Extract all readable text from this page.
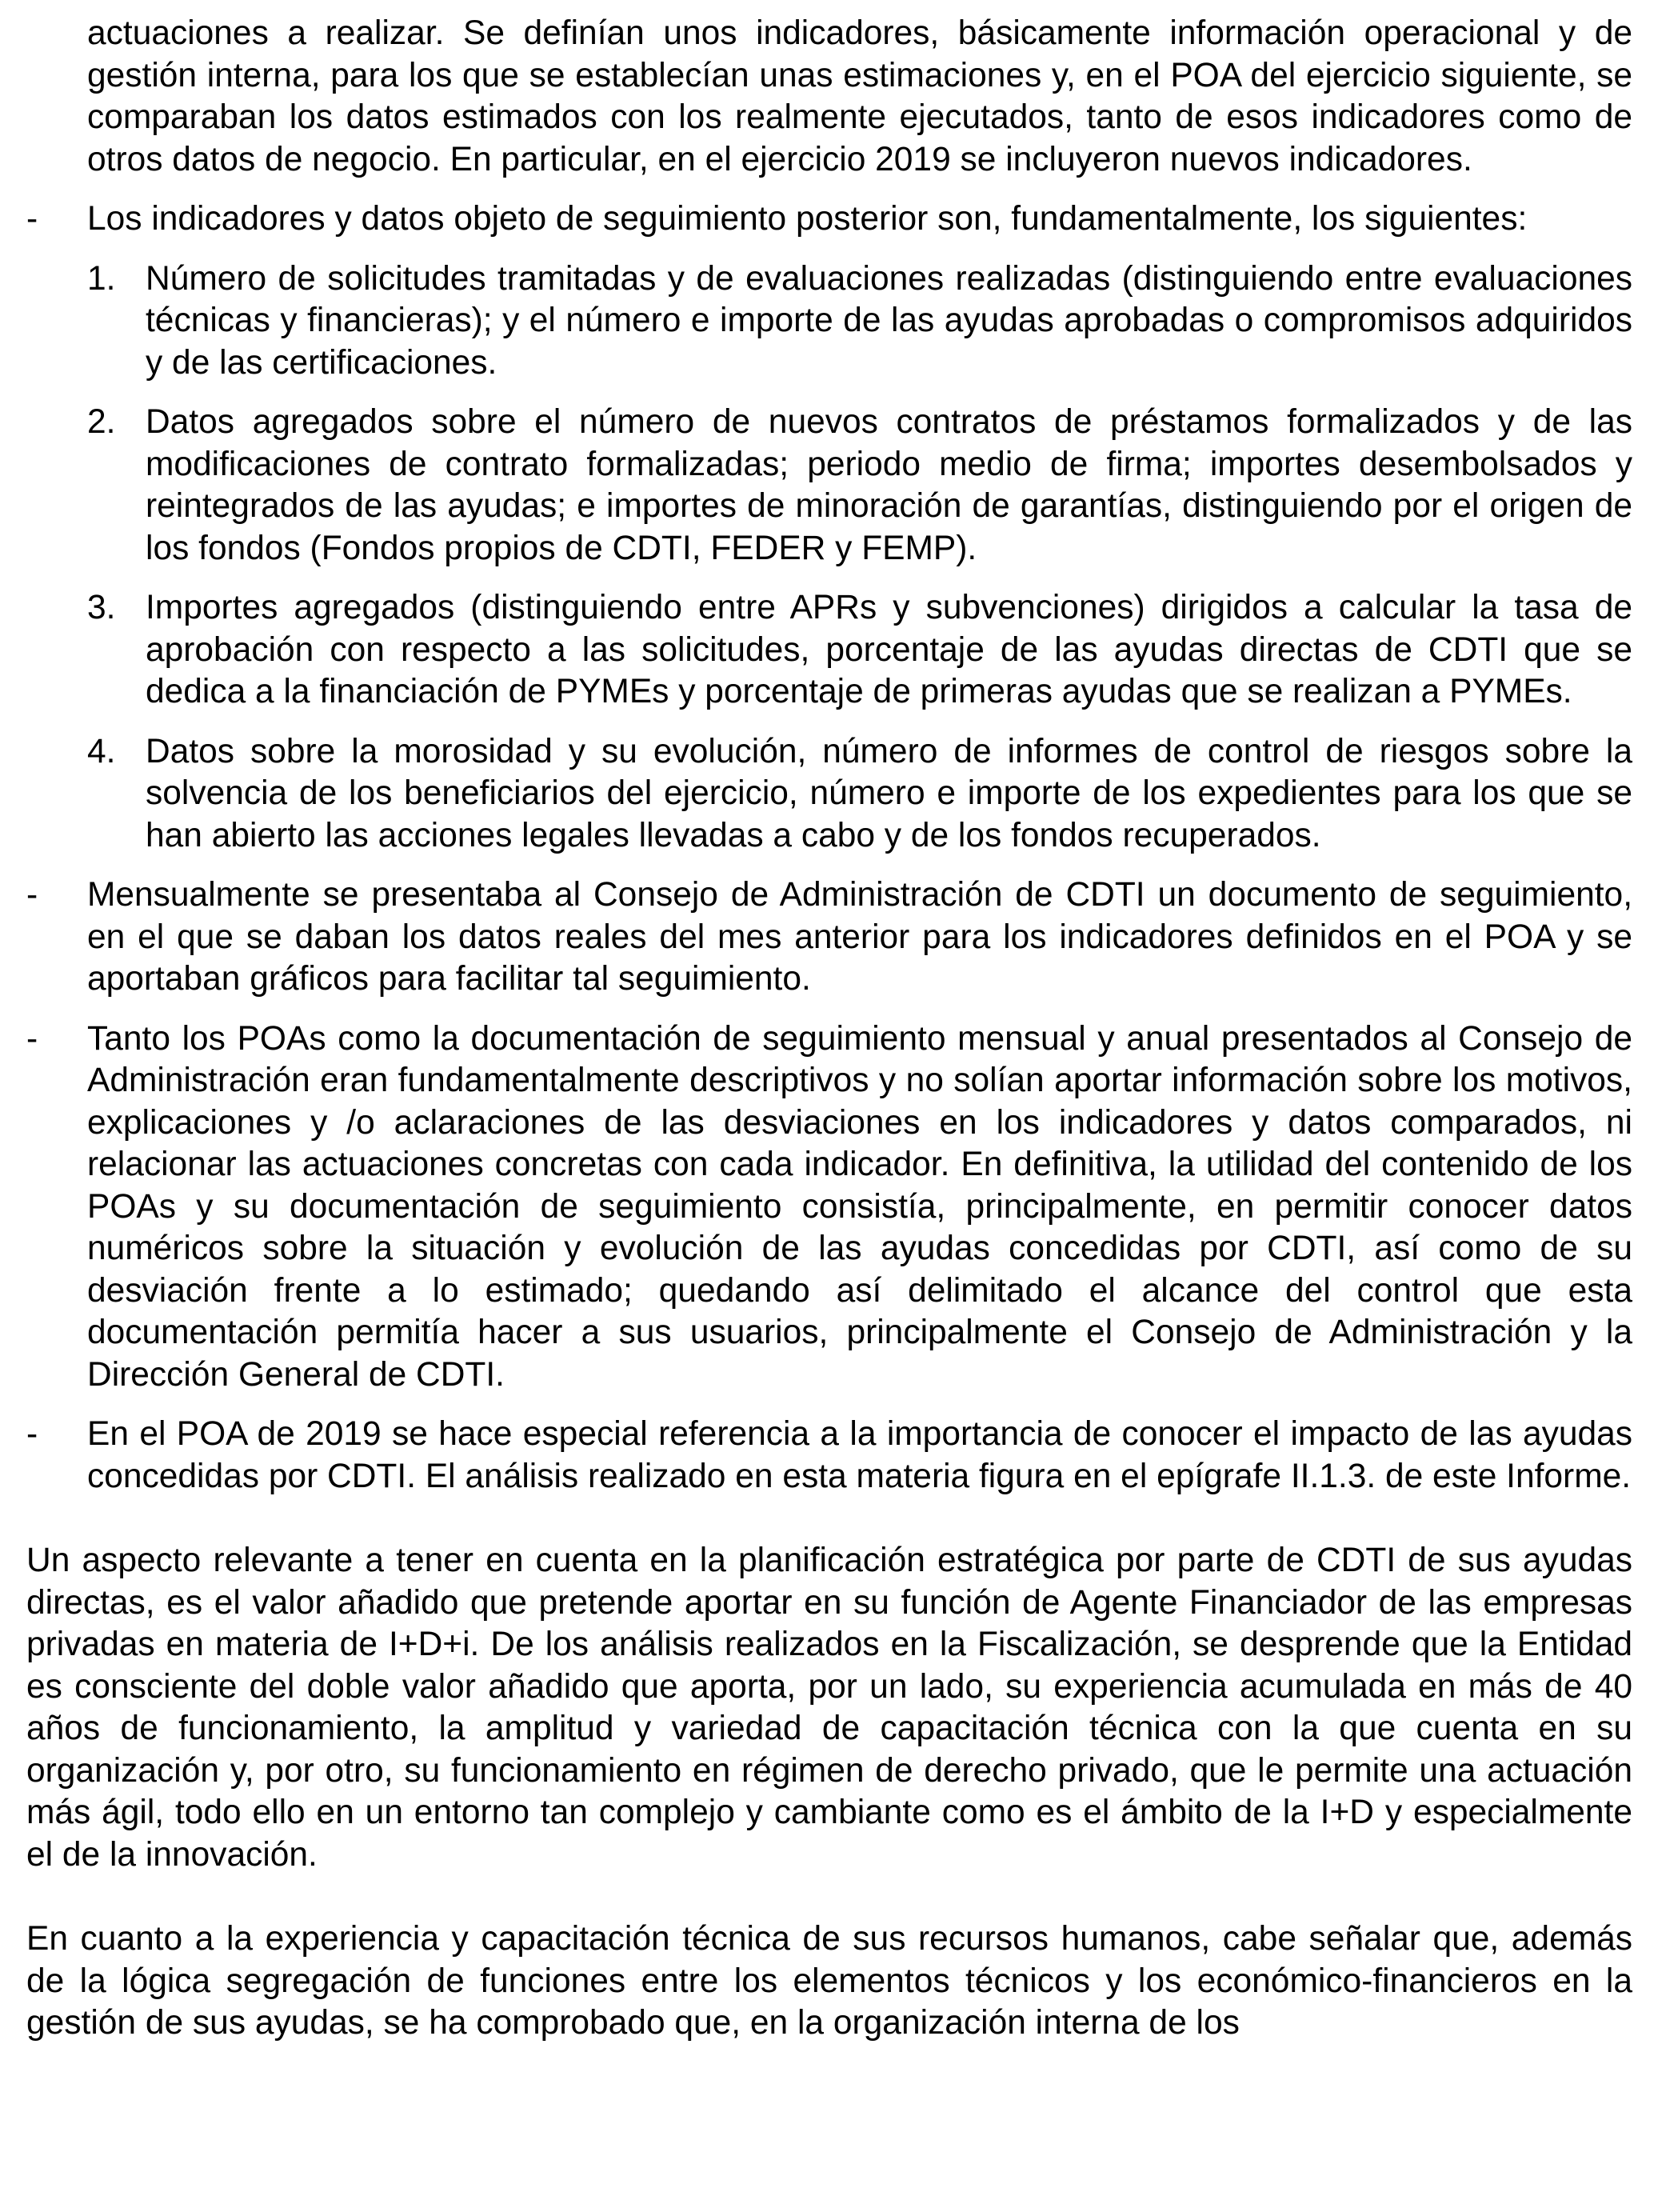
actuaciones a realizar. Se definían unos indicadores, básicamente información operacional y de gestión interna, para los que se establecían unas estimaciones y, en el POA del ejercicio siguiente, se comparaban los datos estimados con los realmente ejecutados, tanto de esos indicadores como de otros datos de negocio. En particular, en el ejercicio 2019 se incluyeron nuevos indicadores.

- Los indicadores y datos objeto de seguimiento posterior son, fundamentalmente, los siguientes:
1. Número de solicitudes tramitadas y de evaluaciones realizadas (distinguiendo entre evaluaciones técnicas y financieras); y el número e importe de las ayudas aprobadas o compromisos adquiridos y de las certificaciones.
2. Datos agregados sobre el número de nuevos contratos de préstamos formalizados y de las modificaciones de contrato formalizadas; periodo medio de firma; importes desembolsados y reintegrados de las ayudas; e importes de minoración de garantías, distinguiendo por el origen de los fondos (Fondos propios de CDTI, FEDER y FEMP).
3. Importes agregados (distinguiendo entre APRs y subvenciones) dirigidos a calcular la tasa de aprobación con respecto a las solicitudes, porcentaje de las ayudas directas de CDTI que se dedica a la financiación de PYMEs y porcentaje de primeras ayudas que se realizan a PYMEs.
4. Datos sobre la morosidad y su evolución, número de informes de control de riesgos sobre la solvencia de los beneficiarios del ejercicio, número e importe de los expedientes para los que se han abierto las acciones legales llevadas a cabo y de los fondos recuperados.
- Mensualmente se presentaba al Consejo de Administración de CDTI un documento de seguimiento, en el que se daban los datos reales del mes anterior para los indicadores definidos en el POA y se aportaban gráficos para facilitar tal seguimiento.
- Tanto los POAs como la documentación de seguimiento mensual y anual presentados al Consejo de Administración eran fundamentalmente descriptivos y no solían aportar información sobre los motivos, explicaciones y /o aclaraciones de las desviaciones en los indicadores y datos comparados, ni relacionar las actuaciones concretas con cada indicador. En definitiva, la utilidad del contenido de los POAs y su documentación de seguimiento consistía, principalmente, en permitir conocer datos numéricos sobre la situación y evolución de las ayudas concedidas por CDTI, así como de su desviación frente a lo estimado; quedando así delimitado el alcance del control que esta documentación permitía hacer a sus usuarios, principalmente el Consejo de Administración y la Dirección General de CDTI.
- En el POA de 2019 se hace especial referencia a la importancia de conocer el impacto de las ayudas concedidas por CDTI. El análisis realizado en esta materia figura en el epígrafe II.1.3. de este Informe.

Un aspecto relevante a tener en cuenta en la planificación estratégica por parte de CDTI de sus ayudas directas, es el valor añadido que pretende aportar en su función de Agente Financiador de las empresas privadas en materia de I+D+i. De los análisis realizados en la Fiscalización, se desprende que la Entidad es consciente del doble valor añadido que aporta, por un lado, su experiencia acumulada en más de 40 años de funcionamiento, la amplitud y variedad de capacitación técnica con la que cuenta en su organización y, por otro, su funcionamiento en régimen de derecho privado, que le permite una actuación más ágil, todo ello en un entorno tan complejo y cambiante como es el ámbito de la I+D y especialmente el de la innovación.

En cuanto a la experiencia y capacitación técnica de sus recursos humanos, cabe señalar que, además de la lógica segregación de funciones entre los elementos técnicos y los económico-financieros en la gestión de sus ayudas, se ha comprobado que, en la organización interna de los
